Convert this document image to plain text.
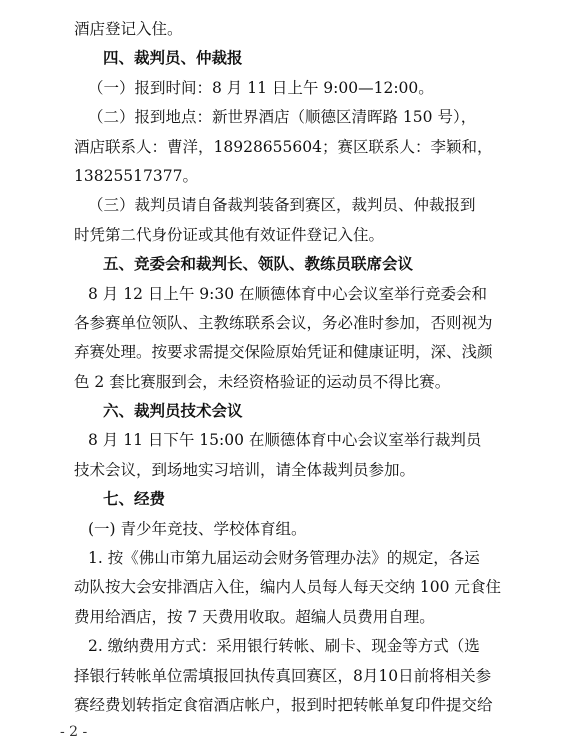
酒店登记入住。
四、裁判员、仲裁报
（一）报到时间：8 月 11 日上午 9:00—12:00。
（二）报到地点：新世界酒店（顺德区清晖路 150 号），
酒店联系人：曹洋，18928655604；赛区联系人：李颖和，
13825517377。
（三）裁判员请自备裁判装备到赛区，裁判员、仲裁报到
时凭第二代身份证或其他有效证件登记入住。
五、竞委会和裁判长、领队、教练员联席会议
8 月 12 日上午 9:30 在顺德体育中心会议室举行竞委会和
各参赛单位领队、主教练联系会议，务必准时参加，否则视为
弃赛处理。按要求需提交保险原始凭证和健康证明，深、浅颜
色 2 套比赛服到会，未经资格验证的运动员不得比赛。
六、裁判员技术会议
8 月 11 日下午 15:00 在顺德体育中心会议室举行裁判员
技术会议，到场地实习培训，请全体裁判员参加。
七、经费
(一) 青少年竞技、学校体育组。
1. 按《佛山市第九届运动会财务管理办法》的规定，各运
动队按大会安排酒店入住，编内人员每人每天交纳 100 元食住
费用给酒店，按 7 天费用收取。超编人员费用自理。
2. 缴纳费用方式：采用银行转帐、刷卡、现金等方式（选
择银行转帐单位需填报回执传真回赛区，8月10日前将相关参
赛经费划转指定食宿酒店帐户，报到时把转帐单复印件提交给
- 2 -
